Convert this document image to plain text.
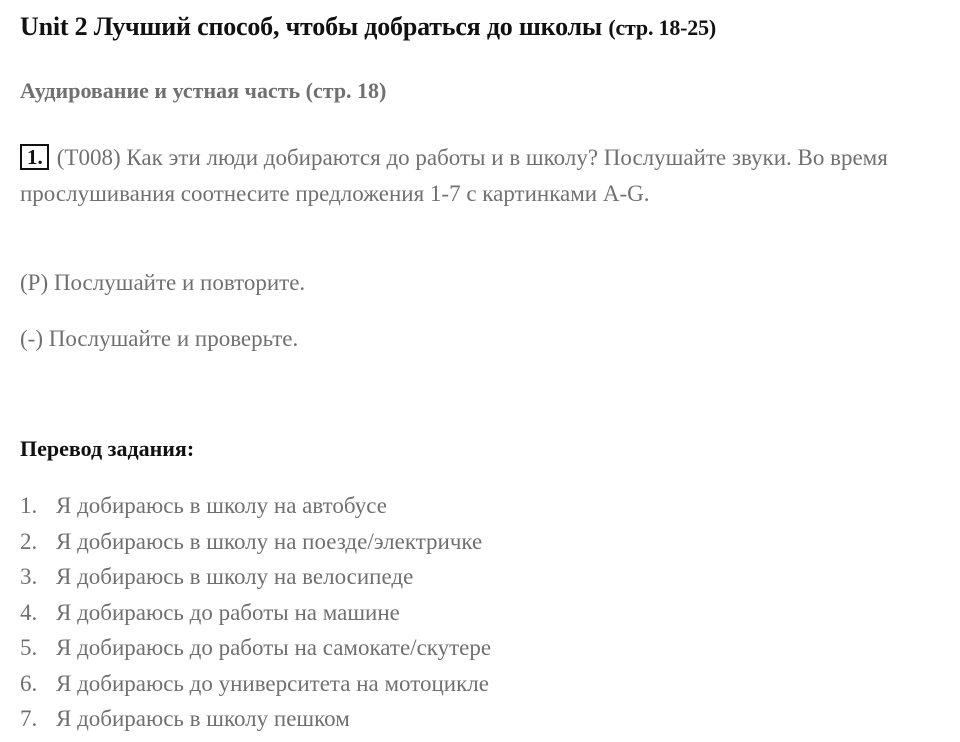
Unit 2 Лучший способ, чтобы добраться до школы (стр. 18-25)
Аудирование и устная часть (стр. 18)
1. (T008) Как эти люди добираются до работы и в школу? Послушайте звуки. Во время прослушивания соотнесите предложения 1-7 с картинками A-G.
(P) Послушайте и повторите.
(-) Послушайте и проверьте.
Перевод задания:
1. Я добираюсь в школу на автобусе
2. Я добираюсь в школу на поезде/электричке
3. Я добираюсь в школу на велосипеде
4. Я добираюсь до работы на машине
5. Я добираюсь до работы на самокате/скутере
6. Я добираюсь до университета на мотоцикле
7. Я добираюсь в школу пешком
